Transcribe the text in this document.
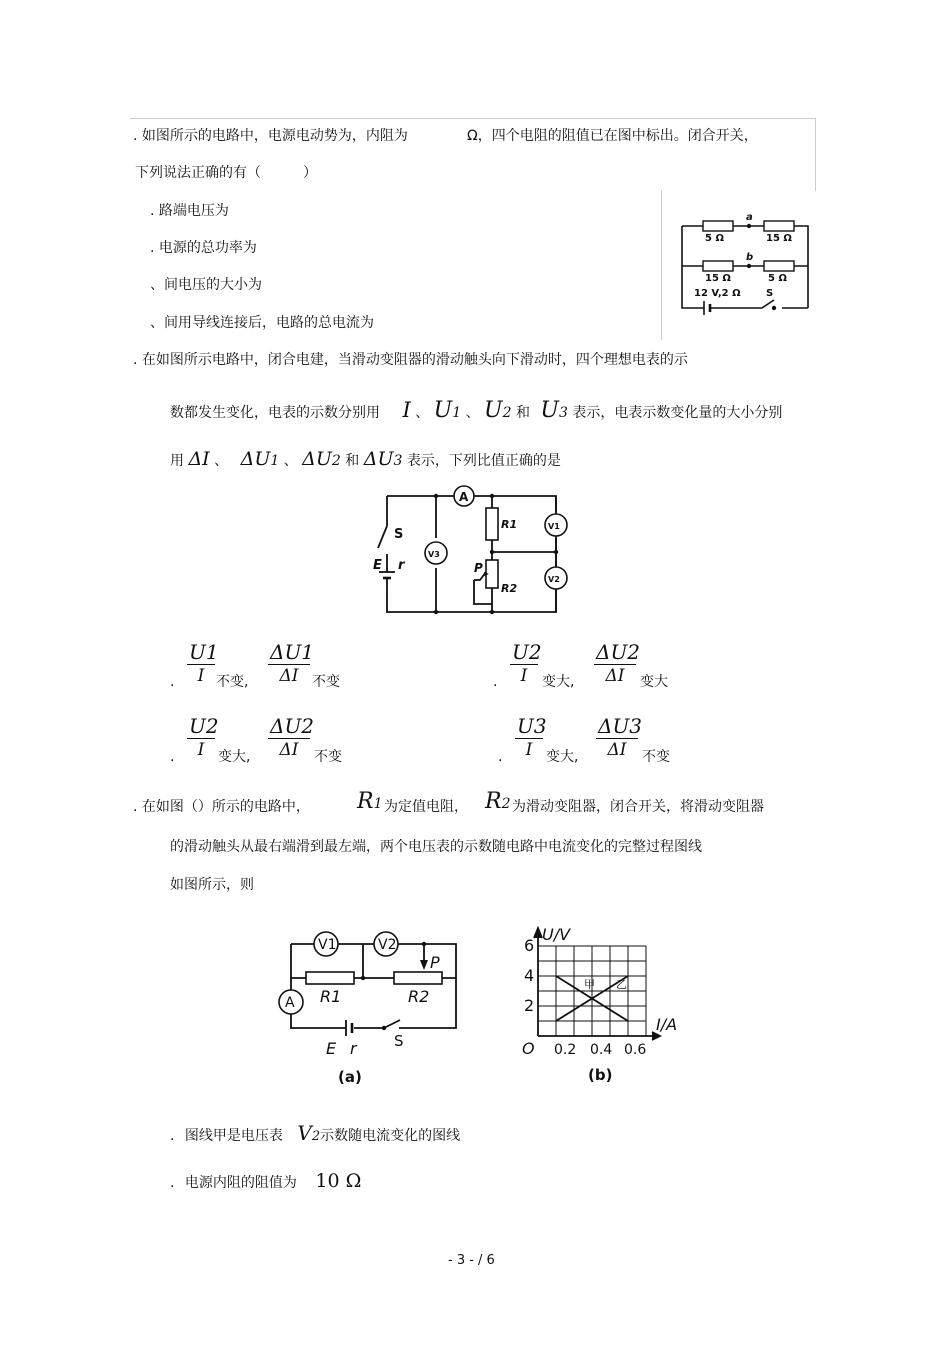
. 如图所示的电路中，电源电动势为，内阻为	Ω，四个电阻的阻值已在图中标出。闭合开关，
下列说法正确的有（　　　）
. 路端电压为
. 电源的总功率为
、间电压的大小为
、间用导线连接后，电路的总电流为
5 Ω	15 Ω
15 Ω	5 Ω
a
b
12 V,2 Ω	S
. 在如图所示电路中，闭合电建，当滑动变阻器的滑动触头向下滑动时，四个理想电表的示
数都发生变化，电表的示数分别用 I 、 U1 、 U2 和 U3 表示，电表示数变化量的大小分别
用 ΔI 、 ΔU1 、 ΔU2 和 ΔU3 表示，下列比值正确的是
A
V1
V2
V3
S
E r
R1
R2
P
. $\frac{U1}{I}$ 不变, $\frac{\Delta U1}{\Delta I}$ 不变	. $\frac{U2}{I}$ 变大, $\frac{\Delta U2}{\Delta I}$ 变大
. $\frac{U2}{I}$ 变大, $\frac{\Delta U2}{\Delta I}$ 不变	. $\frac{U3}{I}$ 变大, $\frac{\Delta U3}{\Delta I}$ 不变
. 在如图（）所示的电路中， R1 为定值电阻， R2 为滑动变阻器，闭合开关，将滑动变阻器
的滑动触头从最右端滑到最左端，两个电压表的示数随电路中电流变化的完整过程图线
如图所示，则
V1	V2
A R1	R2
P
E r S
(a)
U/V
I/A
O
6
4
2
0.2 0.4 0.6
甲 乙
(b)
. 图线甲是电压表 V2示数随电流变化的图线
. 电源内阻的阻值为 10 Ω
- 3 - / 6
